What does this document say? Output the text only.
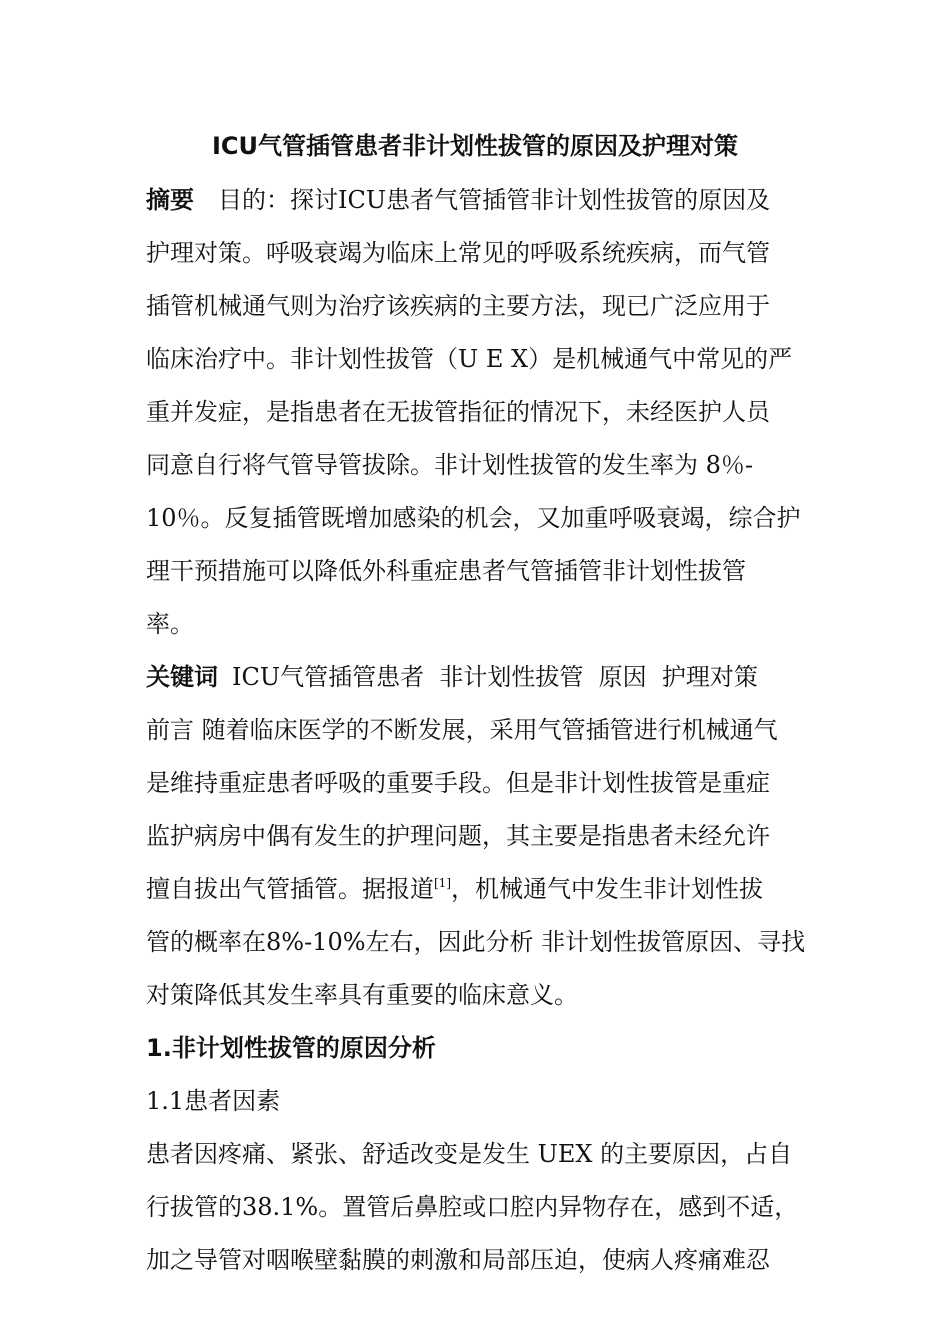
ICU气管插管患者非计划性拔管的原因及护理对策
摘要 目的：探讨ICU患者气管插管非计划性拔管的原因及
护理对策。呼吸衰竭为临床上常见的呼吸系统疾病，而气管
插管机械通气则为治疗该疾病的主要方法，现已广泛应用于
临床治疗中。非计划性拔管（U E X）是机械通气中常见的严
重并发症，是指患者在无拔管指征的情况下，未经医护人员
同意自行将气管导管拔除。非计划性拔管的发生率为 8％-
10％。反复插管既增加感染的机会，又加重呼吸衰竭，综合护
理干预措施可以降低外科重症患者气管插管非计划性拔管
率。
关键词 ICU气管插管患者  非计划性拔管  原因  护理对策
前言 随着临床医学的不断发展，采用气管插管进行机械通气
是维持重症患者呼吸的重要手段。但是非计划性拔管是重症
监护病房中偶有发生的护理问题，其主要是指患者未经允许
擅自拔出气管插管。据报道[1]，机械通气中发生非计划性拔
管的概率在8%-10%左右，因此分析 非计划性拔管原因、寻找
对策降低其发生率具有重要的临床意义。
1.非计划性拔管的原因分析
1.1患者因素
患者因疼痛、紧张、舒适改变是发生 UEX 的主要原因，占自
行拔管的38.1%。置管后鼻腔或口腔内异物存在，感到不适，
加之导管对咽喉壁黏膜的刺激和局部压迫，使病人疼痛难忍
